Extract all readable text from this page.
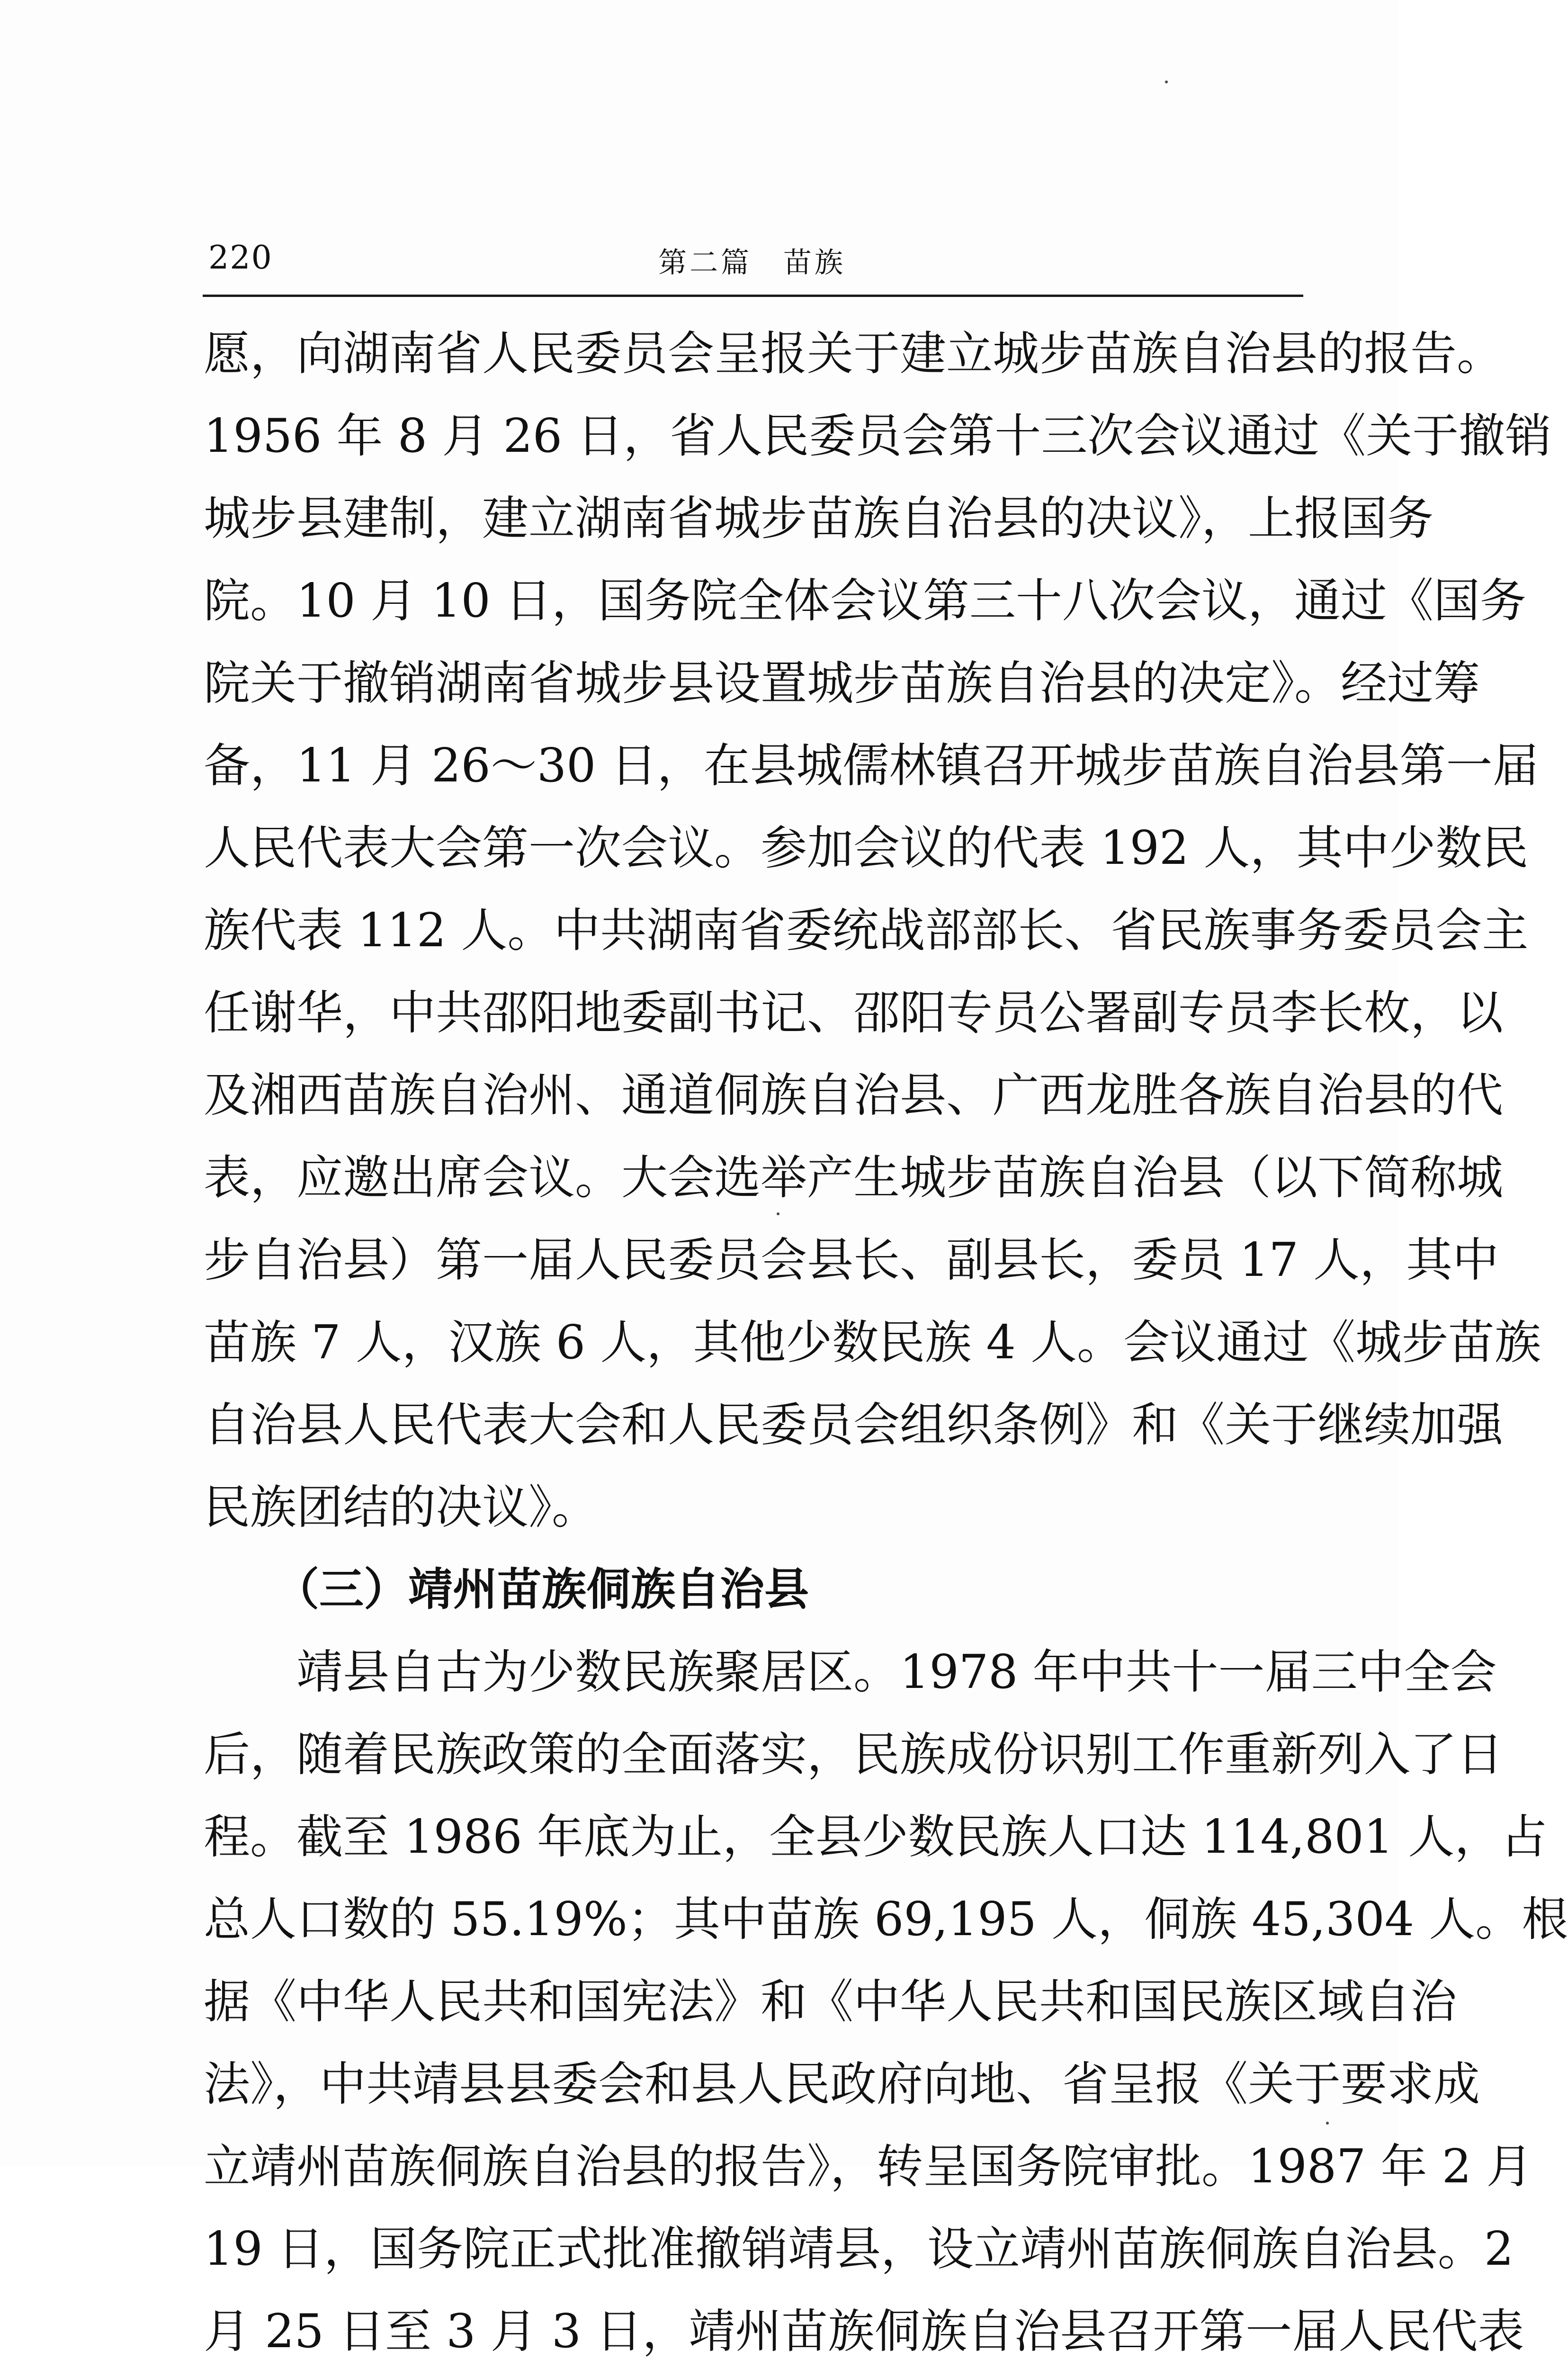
220	第二篇　苗族
愿，向湖南省人民委员会呈报关于建立城步苗族自治县的报告。
1956 年 8 月 26 日，省人民委员会第十三次会议通过《关于撤销
城步县建制，建立湖南省城步苗族自治县的决议》，上报国务
院。10 月 10 日，国务院全体会议第三十八次会议，通过《国务
院关于撤销湖南省城步县设置城步苗族自治县的决定》。经过筹
备，11 月 26～30 日，在县城儒林镇召开城步苗族自治县第一届
人民代表大会第一次会议。参加会议的代表 192 人，其中少数民
族代表 112 人。中共湖南省委统战部部长、省民族事务委员会主
任谢华，中共邵阳地委副书记、邵阳专员公署副专员李长枚，以
及湘西苗族自治州、通道侗族自治县、广西龙胜各族自治县的代
表，应邀出席会议。大会选举产生城步苗族自治县（以下简称城
步自治县）第一届人民委员会县长、副县长，委员 17 人，其中
苗族 7 人，汉族 6 人，其他少数民族 4 人。会议通过《城步苗族
自治县人民代表大会和人民委员会组织条例》和《关于继续加强
民族团结的决议》。
（三）靖州苗族侗族自治县
靖县自古为少数民族聚居区。1978 年中共十一届三中全会
后，随着民族政策的全面落实，民族成份识别工作重新列入了日
程。截至 1986 年底为止，全县少数民族人口达 114,801 人，占
总人口数的 55.19%；其中苗族 69,195 人，侗族 45,304 人。根
据《中华人民共和国宪法》和《中华人民共和国民族区域自治
法》，中共靖县县委会和县人民政府向地、省呈报《关于要求成
立靖州苗族侗族自治县的报告》，转呈国务院审批。1987 年 2 月
19 日，国务院正式批准撤销靖县，设立靖州苗族侗族自治县。2
月 25 日至 3 月 3 日，靖州苗族侗族自治县召开第一届人民代表
